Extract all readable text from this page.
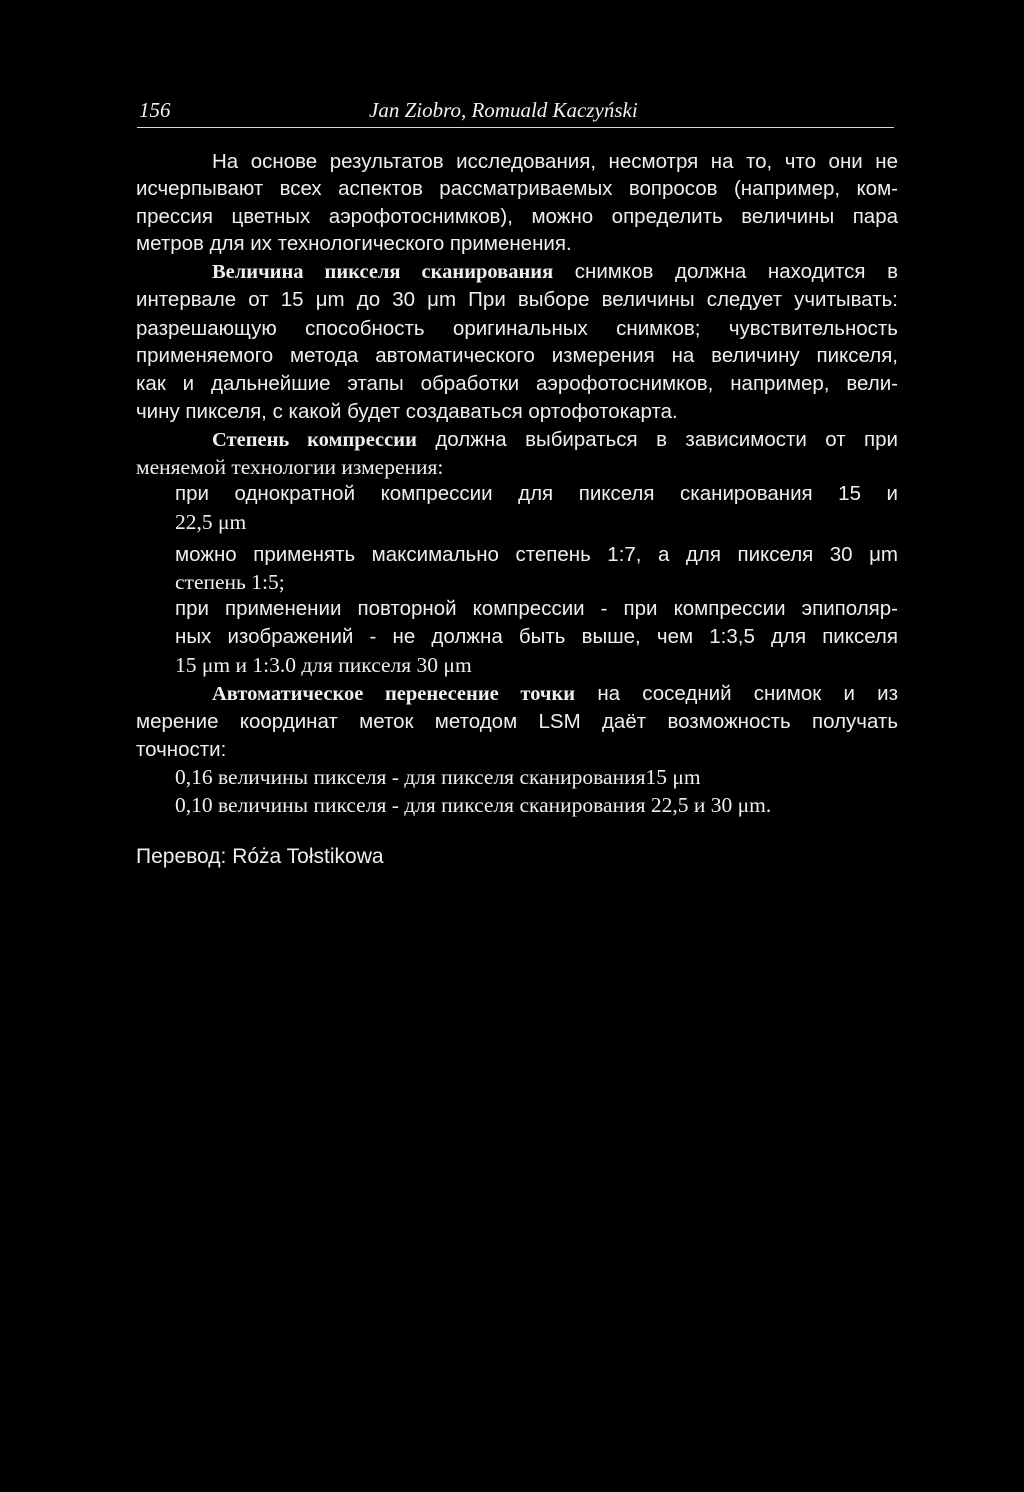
156	Jan Ziobro, Romuald Kaczyński
На основе результатов исследования, несмотря на то, что они не
исчерпывают всех аспектов рассматриваемых вопросов (например, ком-
прессия цветных аэрофотоснимков), можно определить величины пара
метров для их технологического применения.
Величина пикселя сканирования снимков должна находится в
интервале от 15 μm до 30 μm При выборе величины следует учитывать:
разрешающую способность оригинальных снимков; чувствительность
применяемого метода автоматического измерения на величину пикселя,
как и дальнейшие этапы обработки аэрофотоснимков, например, вели-
чину пикселя, с какой будет создаваться ортофотокарта.
Степень компрессии должна выбираться в зависимости от при
меняемой технологии измерения:
при однократной компрессии для пикселя сканирования 15 и
22,5 μm
можно применять максимально степень 1:7, а для пикселя 30 μm
степень 1:5;
при применении повторной компрессии - при компрессии эпиполяр-
ных изображений - не должна быть выше, чем 1:3,5 для пикселя
15 μm и 1:3.0 для пикселя 30 μm
Автоматическое перенесение точки на соседний снимок и из
мерение координат меток методом LSM даёт возможность получать
точности:
0,16 величины пикселя - для пикселя сканирования15 μm
0,10 величины пикселя - для пикселя сканирования 22,5 и 30 μm.
Перевод: Róża Tołstikowa
